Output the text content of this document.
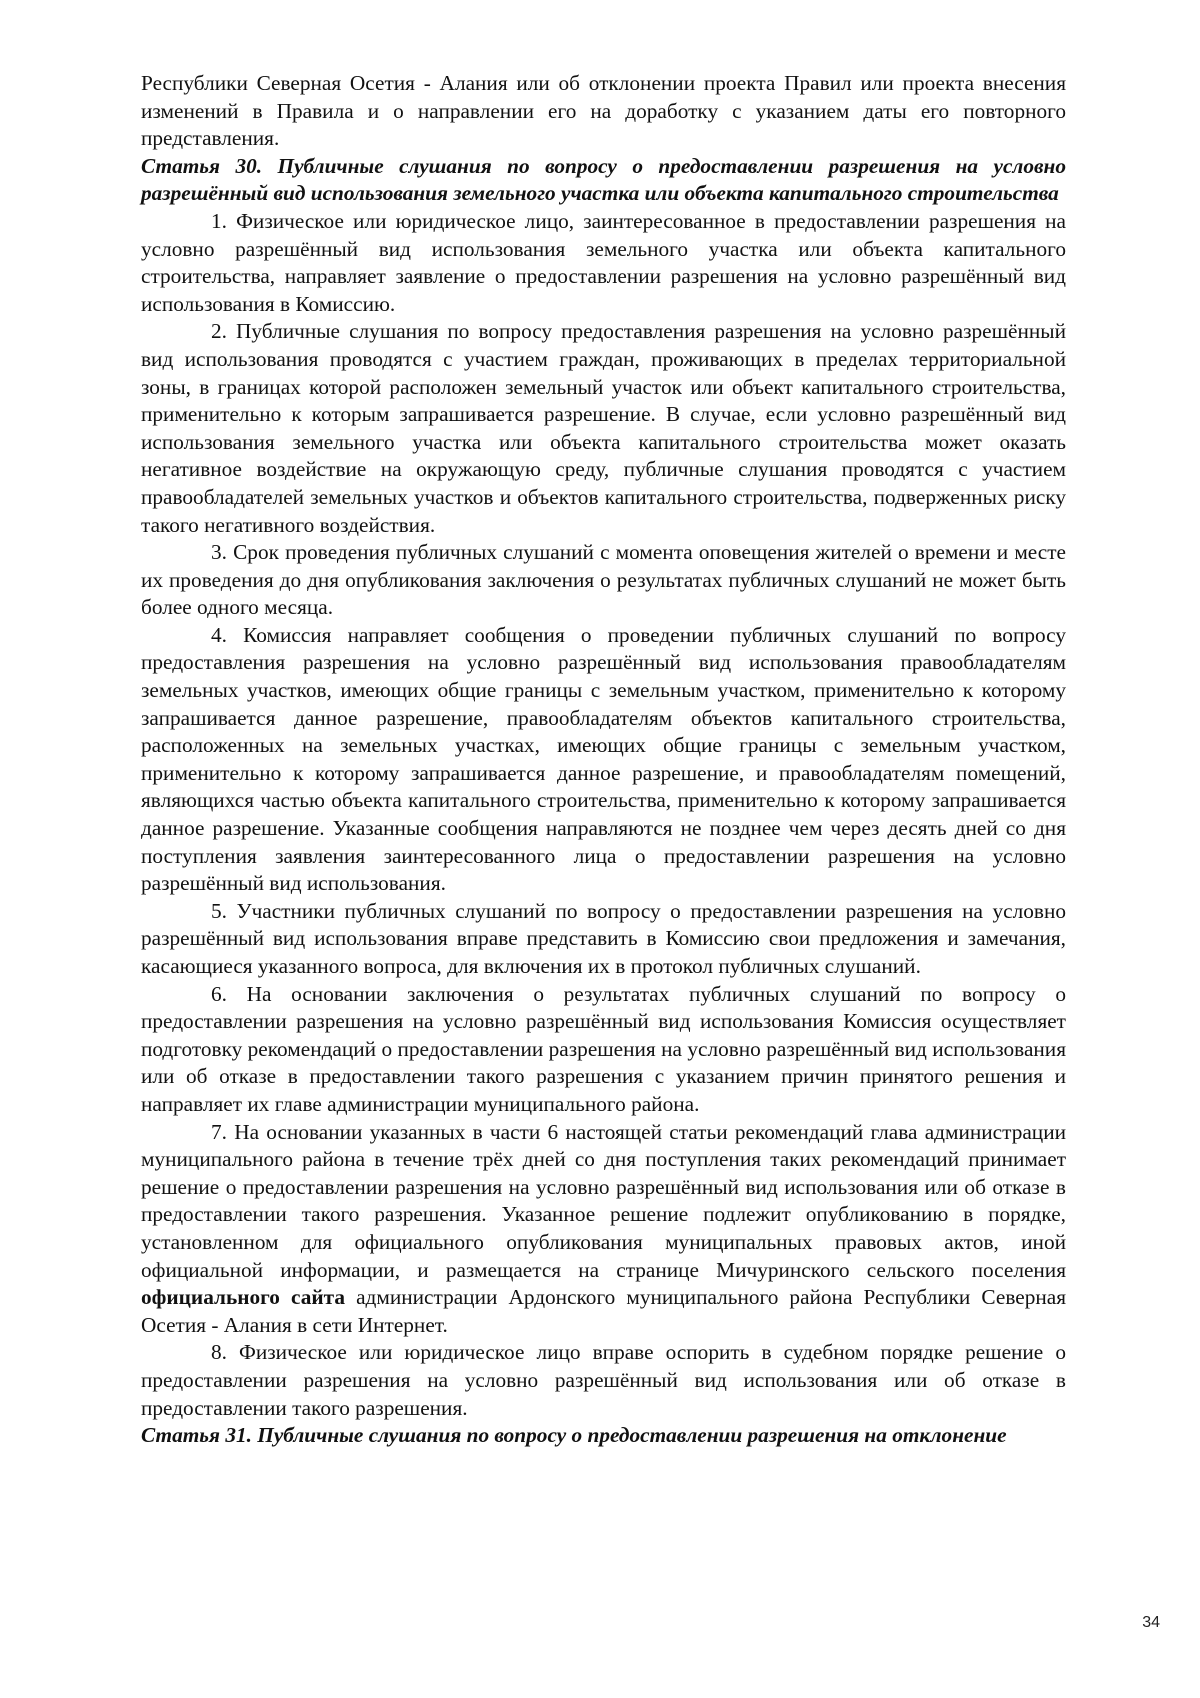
Республики Северная Осетия - Алания или об отклонении проекта Правил или проекта внесения изменений в Правила и о направлении его на доработку с указанием даты его повторного представления.

Статья 30. Публичные слушания по вопросу о предоставлении разрешения на условно разрешённый вид использования земельного участка или объекта капитального строительства

1. Физическое или юридическое лицо, заинтересованное в предоставлении разрешения на условно разрешённый вид использования земельного участка или объекта капитального строительства, направляет заявление о предоставлении разрешения на условно разрешённый вид использования в Комиссию.

2. Публичные слушания по вопросу предоставления разрешения на условно разрешённый вид использования проводятся с участием граждан, проживающих в пределах территориальной зоны, в границах которой расположен земельный участок или объект капитального строительства, применительно к которым запрашивается разрешение. В случае, если условно разрешённый вид использования земельного участка или объекта капитального строительства может оказать негативное воздействие на окружающую среду, публичные слушания проводятся с участием правообладателей земельных участков и объектов капитального строительства, подверженных риску такого негативного воздействия.

3. Срок проведения публичных слушаний с момента оповещения жителей о времени и месте их проведения до дня опубликования заключения о результатах публичных слушаний не может быть более одного месяца.

4. Комиссия направляет сообщения о проведении публичных слушаний по вопросу предоставления разрешения на условно разрешённый вид использования правообладателям земельных участков, имеющих общие границы с земельным участком, применительно к которому запрашивается данное разрешение, правообладателям объектов капитального строительства, расположенных на земельных участках, имеющих общие границы с земельным участком, применительно к которому запрашивается данное разрешение, и правообладателям помещений, являющихся частью объекта капитального строительства, применительно к которому запрашивается данное разрешение. Указанные сообщения направляются не позднее чем через десять дней со дня поступления заявления заинтересованного лица о предоставлении разрешения на условно разрешённый вид использования.

5. Участники публичных слушаний по вопросу о предоставлении разрешения на условно разрешённый вид использования вправе представить в Комиссию свои предложения и замечания, касающиеся указанного вопроса, для включения их в протокол публичных слушаний.

6. На основании заключения о результатах публичных слушаний по вопросу о предоставлении разрешения на условно разрешённый вид использования Комиссия осуществляет подготовку рекомендаций о предоставлении разрешения на условно разрешённый вид использования или об отказе в предоставлении такого разрешения с указанием причин принятого решения и направляет их главе администрации муниципального района.

7. На основании указанных в части 6 настоящей статьи рекомендаций глава администрации муниципального района в течение трёх дней со дня поступления таких рекомендаций принимает решение о предоставлении разрешения на условно разрешённый вид использования или об отказе в предоставлении такого разрешения. Указанное решение подлежит опубликованию в порядке, установленном для официального опубликования муниципальных правовых актов, иной официальной информации, и размещается на странице Мичуринского сельского поселения официального сайта администрации Ардонского муниципального района Республики Северная Осетия - Алания в сети Интернет.

8. Физическое или юридическое лицо вправе оспорить в судебном порядке решение о предоставлении разрешения на условно разрешённый вид использования или об отказе в предоставлении такого разрешения.

Статья 31. Публичные слушания по вопросу о предоставлении разрешения на отклонение

34
